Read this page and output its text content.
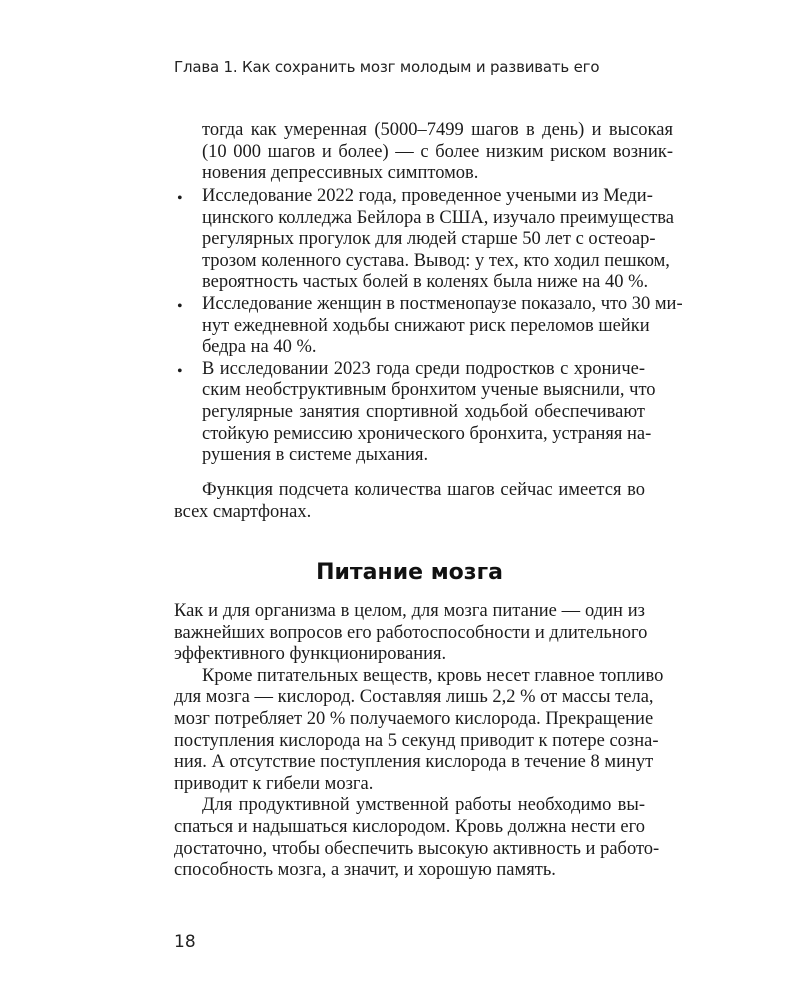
Глава 1. Как сохранить мозг молодым и развивать его
тогда как умеренная (5000–7499 шагов в день) и высокая
(10 000 шагов и более) — с более низким риском возник-
новения депрессивных симптомов.
• Исследование 2022 года, проведенное учеными из Меди-
цинского колледжа Бейлора в США, изучало преимущества
регулярных прогулок для людей старше 50 лет с остеоар-
трозом коленного сустава. Вывод: у тех, кто ходил пешком,
вероятность частых болей в коленях была ниже на 40 %.
• Исследование женщин в постменопаузе показало, что 30 ми-
нут ежедневной ходьбы снижают риск переломов шейки
бедра на 40 %.
• В исследовании 2023 года среди подростков с хрониче-
ским необструктивным бронхитом ученые выяснили, что
регулярные занятия спортивной ходьбой обеспечивают
стойкую ремиссию хронического бронхита, устраняя на-
рушения в системе дыхания.
Функция подсчета количества шагов сейчас имеется во
всех смартфонах.
Питание мозга
Как и для организма в целом, для мозга питание — один из
важнейших вопросов его работоспособности и длительного
эффективного функционирования.
Кроме питательных веществ, кровь несет главное топливо
для мозга — кислород. Составляя лишь 2,2 % от массы тела,
мозг потребляет 20 % получаемого кислорода. Прекращение
поступления кислорода на 5 секунд приводит к потере созна-
ния. А отсутствие поступления кислорода в течение 8 минут
приводит к гибели мозга.
Для продуктивной умственной работы необходимо вы-
спаться и надышаться кислородом. Кровь должна нести его
достаточно, чтобы обеспечить высокую активность и работо-
способность мозга, а значит, и хорошую память.
18
